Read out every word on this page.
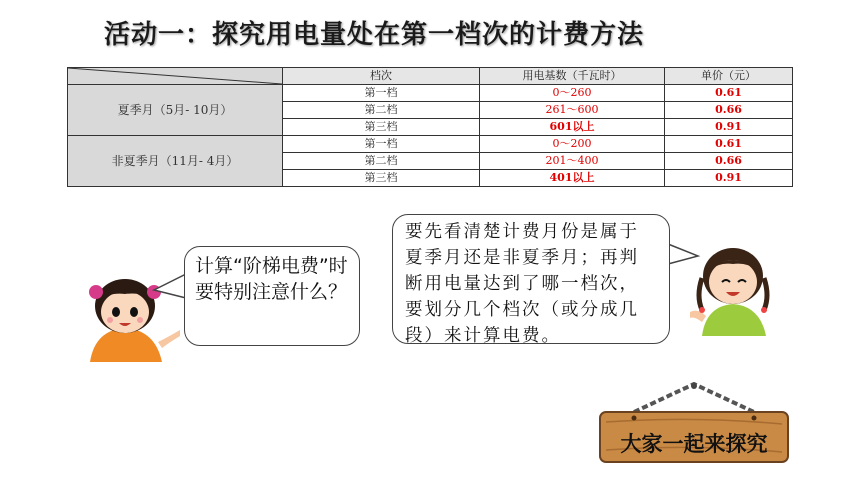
活动一：探究用电量处在第一档次的计费方法
	档次	用电基数（千瓦时）	单价（元）
夏季月（5月- 10月）	第一档	0～260	0.61
	第二档	261～600	0.66
	第三档	601以上	0.91
非夏季月（11月- 4月）	第一档	0～200	0.61
	第二档	201～400	0.66
	第三档	401以上	0.91
计算“阶梯电费”时要特别注意什么？
要先看清楚计费月份是属于夏季月还是非夏季月；再判断用电量达到了哪一档次，要划分几个档次（或分成几段）来计算电费。
大家一起来探究
